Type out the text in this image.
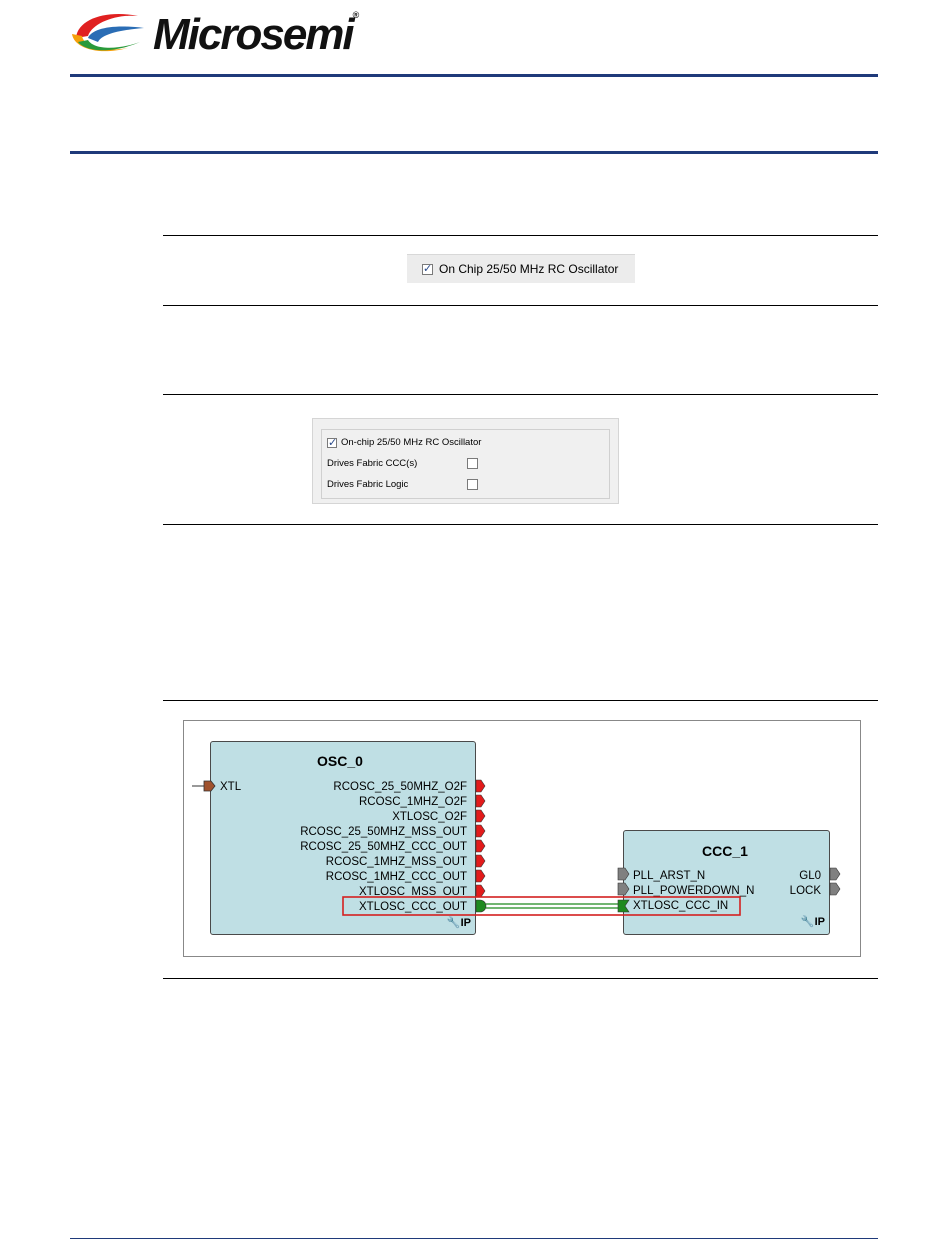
Microsemi®
✓
On Chip 25/50 MHz RC Oscillator
✓
On-chip 25/50 MHz RC Oscillator
Drives Fabric CCC(s)
Drives Fabric Logic
OSC_0
XTL	RCOSC_25_50MHZ_O2F
RCOSC_1MHZ_O2F
XTLOSC_O2F
RCOSC_25_50MHZ_MSS_OUT
RCOSC_25_50MHZ_CCC_OUT
RCOSC_1MHZ_MSS_OUT
RCOSC_1MHZ_CCC_OUT
XTLOSC_MSS_OUT
XTLOSC_CCC_OUT
🔧IP
CCC_1
PLL_ARST_N
PLL_POWERDOWN_N
XTLOSC_CCC_IN
GL0
LOCK
🔧IP
